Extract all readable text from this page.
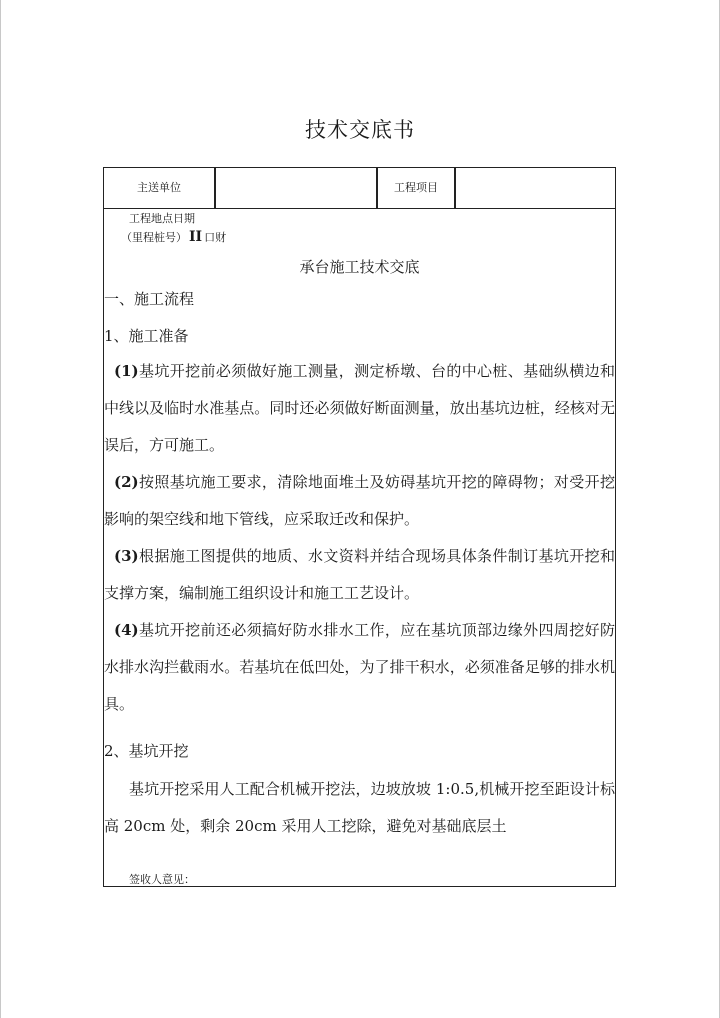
技术交底书
主送单位	工程项目
工程地点日期
（里程桩号） II 口财
承台施工技术交底
一、施工流程
1、施工准备
(1)基坑开挖前必须做好施工测量，测定桥墩、台的中心桩、基础纵横边和中线以及临时水准基点。同时还必须做好断面测量，放出基坑边桩，经核对无误后，方可施工。
(2)按照基坑施工要求，清除地面堆土及妨碍基坑开挖的障碍物；对受开挖影响的架空线和地下管线，应采取迁改和保护。
(3)根据施工图提供的地质、水文资料并结合现场具体条件制订基坑开挖和支撑方案，编制施工组织设计和施工工艺设计。
(4)基坑开挖前还必须搞好防水排水工作，应在基坑顶部边缘外四周挖好防水排水沟拦截雨水。若基坑在低凹处，为了排干积水，必须准备足够的排水机具。
2、基坑开挖
基坑开挖采用人工配合机械开挖法，边坡放坡 1:0.5,机械开挖至距设计标高 20cm 处，剩余 20cm 采用人工挖除，避免对基础底层土
签收人意见：
